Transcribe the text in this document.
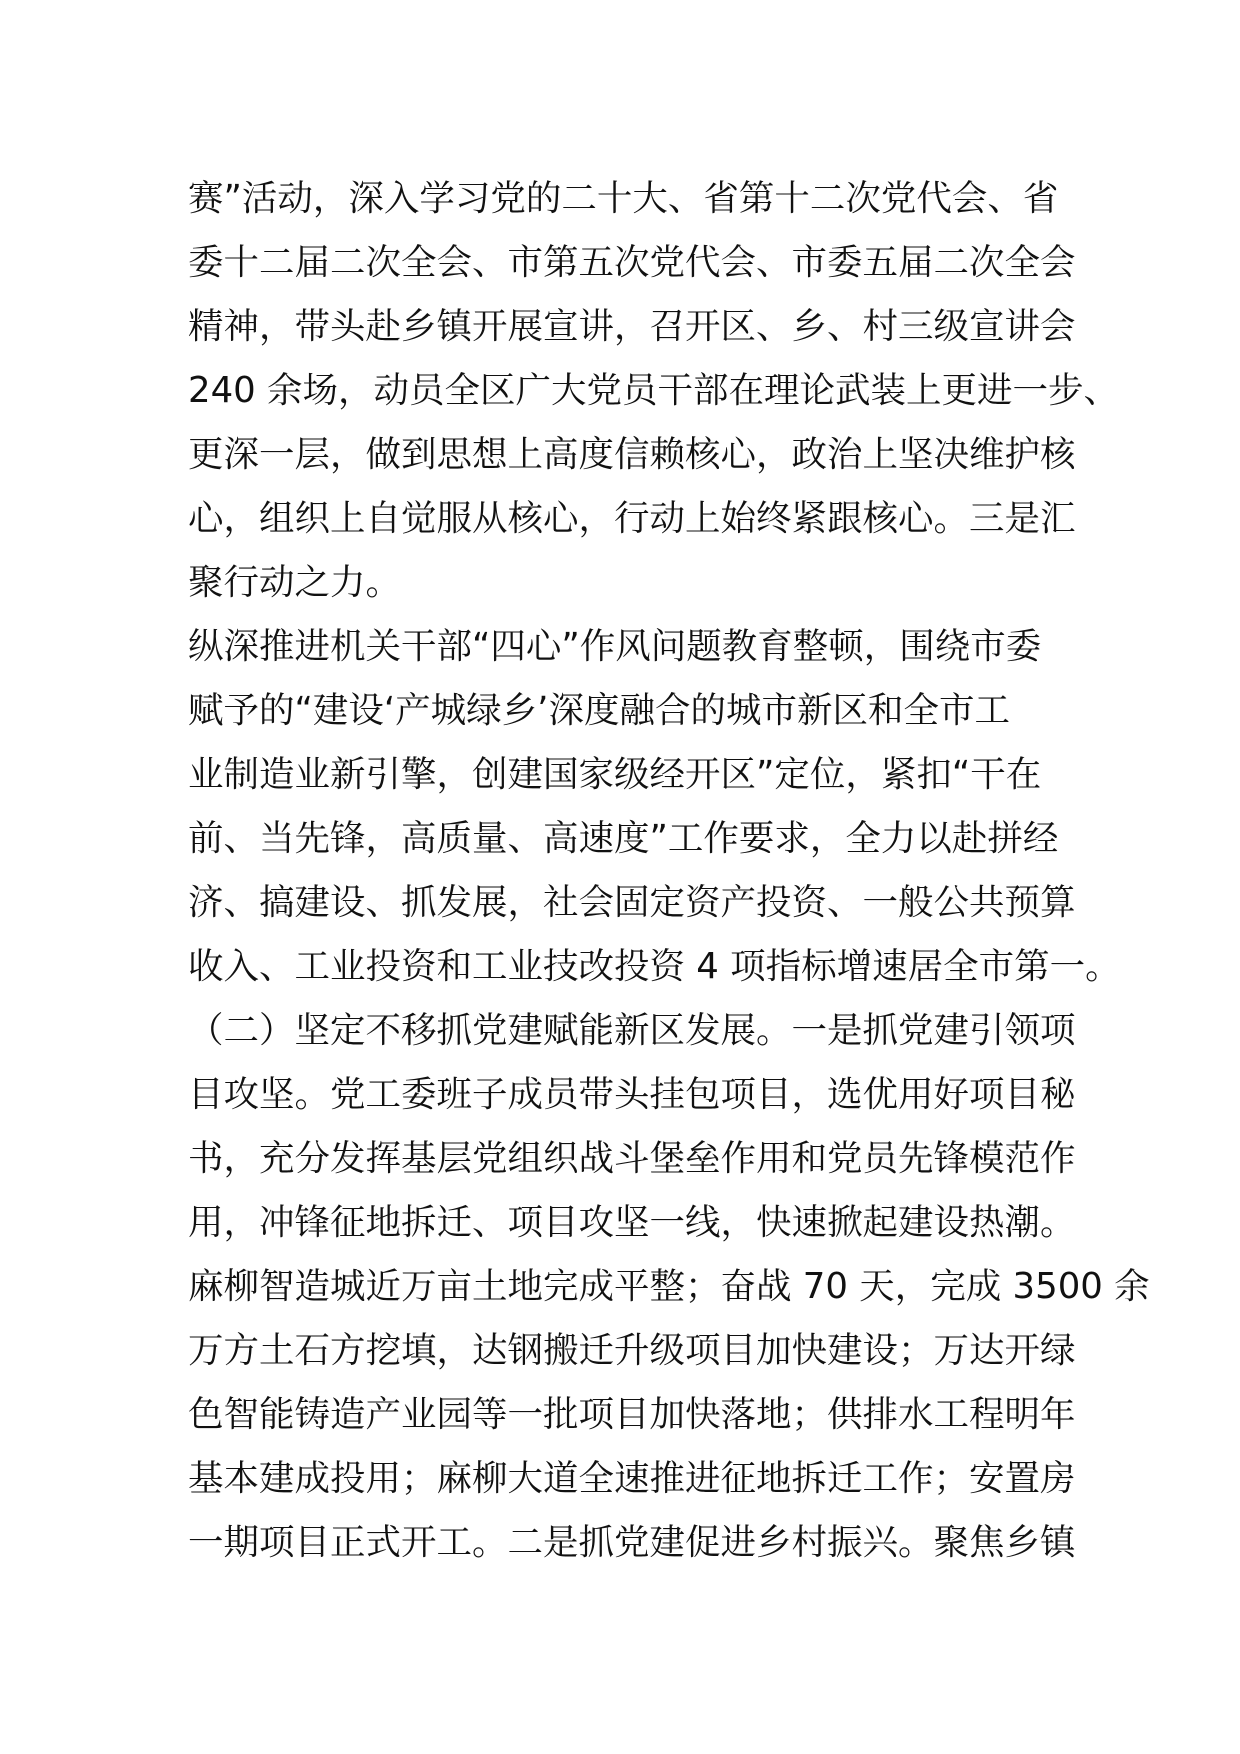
赛”活动，深入学习党的二十大、省第十二次党代会、省
委十二届二次全会、市第五次党代会、市委五届二次全会
精神，带头赴乡镇开展宣讲，召开区、乡、村三级宣讲会
240 余场，动员全区广大党员干部在理论武装上更进一步、
更深一层，做到思想上高度信赖核心，政治上坚决维护核
心，组织上自觉服从核心，行动上始终紧跟核心。三是汇
聚行动之力。
纵深推进机关干部“四心”作风问题教育整顿，围绕市委
赋予的“建设‘产城绿乡’深度融合的城市新区和全市工
业制造业新引擎，创建国家级经开区”定位，紧扣“干在
前、当先锋，高质量、高速度”工作要求，全力以赴拼经
济、搞建设、抓发展，社会固定资产投资、一般公共预算
收入、工业投资和工业技改投资 4 项指标增速居全市第一。
（二）坚定不移抓党建赋能新区发展。一是抓党建引领项
目攻坚。党工委班子成员带头挂包项目，选优用好项目秘
书，充分发挥基层党组织战斗堡垒作用和党员先锋模范作
用，冲锋征地拆迁、项目攻坚一线，快速掀起建设热潮。
麻柳智造城近万亩土地完成平整；奋战 70 天，完成 3500 余
万方土石方挖填，达钢搬迁升级项目加快建设；万达开绿
色智能铸造产业园等一批项目加快落地；供排水工程明年
基本建成投用；麻柳大道全速推进征地拆迁工作；安置房
一期项目正式开工。二是抓党建促进乡村振兴。聚焦乡镇
